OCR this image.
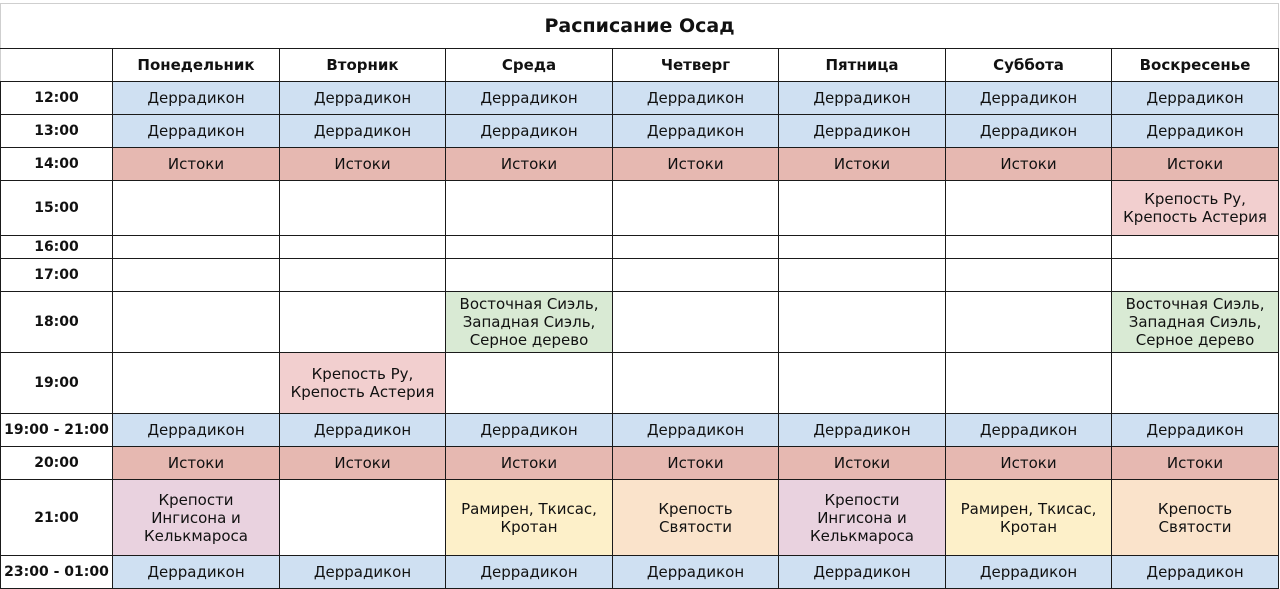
Расписание Осад							
	Понедельник	Вторник	Среда	Четверг	Пятница	Суббота	Воскресенье
12:00	Деррадикон	Деррадикон	Деррадикон	Деррадикон	Деррадикон	Деррадикон	Деррадикон
13:00	Деррадикон	Деррадикон	Деррадикон	Деррадикон	Деррадикон	Деррадикон	Деррадикон
14:00	Истоки	Истоки	Истоки	Истоки	Истоки	Истоки	Истоки
15:00							Крепость Ру,
Крепость Астерия
16:00							
17:00							
18:00			Восточная Сиэль,
Западная Сиэль,
Серное дерево				Восточная Сиэль,
Западная Сиэль,
Серное дерево
19:00		Крепость Ру,
Крепость Астерия					
19:00 - 21:00	Деррадикон	Деррадикон	Деррадикон	Деррадикон	Деррадикон	Деррадикон	Деррадикон
20:00	Истоки	Истоки	Истоки	Истоки	Истоки	Истоки	Истоки
21:00	Крепости
Ингисона и
Келькмароса		Рамирен, Ткисас,
Кротан	Крепость
Святости	Крепости
Ингисона и
Келькмароса	Рамирен, Ткисас,
Кротан	Крепость
Святости
23:00 - 01:00	Деррадикон	Деррадикон	Деррадикон	Деррадикон	Деррадикон	Деррадикон	Деррадикон
